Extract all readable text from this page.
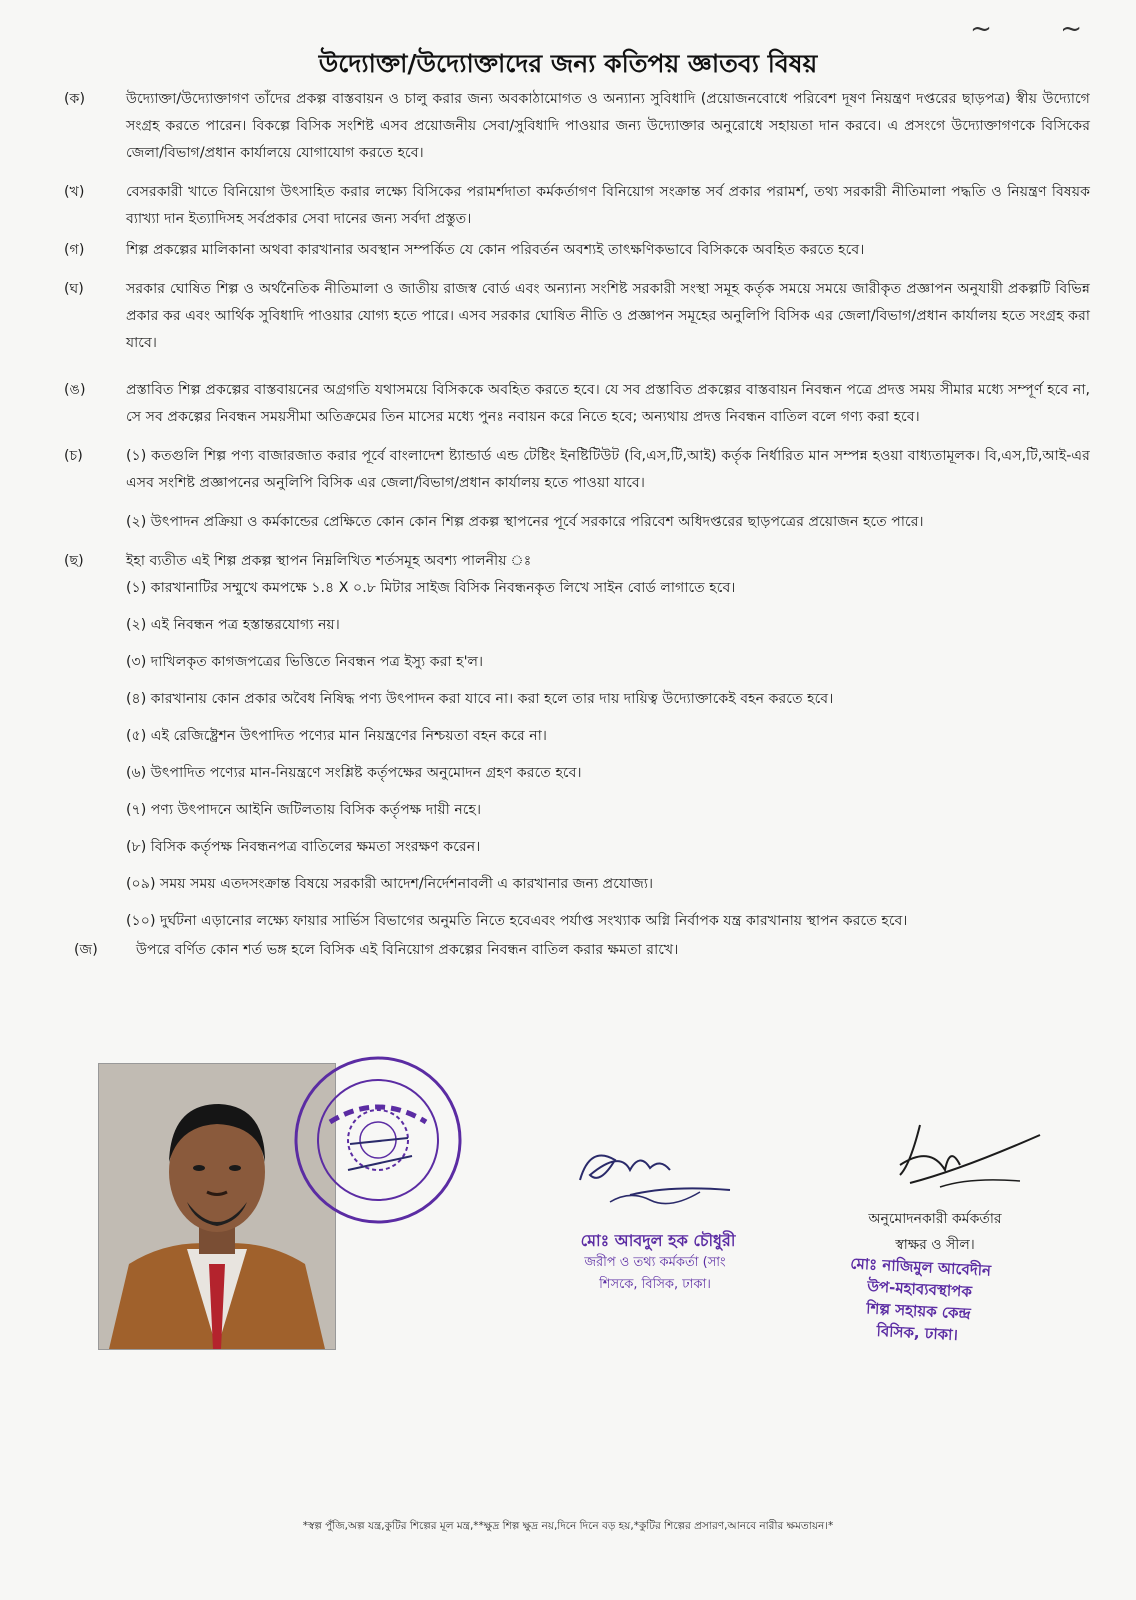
~ ~
উদ্যোক্তা/উদ্যোক্তাদের জন্য কতিপয় জ্ঞাতব্য বিষয়
(ক)	উদ্যোক্তা/উদ্যোক্তাগণ তাঁদের প্রকল্প বাস্তবায়ন ও চালু করার জন্য অবকাঠামোগত ও অন্যান্য সুবিধাদি (প্রয়োজনবোধে পরিবেশ দূষণ নিয়ন্ত্রণ দপ্তরের ছাড়পত্র) স্বীয় উদ্যোগে সংগ্রহ করতে পারেন। বিকল্পে বিসিক সংশিষ্ট এসব প্রয়োজনীয় সেবা/সুবিধাদি পাওয়ার জন্য উদ্যোক্তার অনুরোধে সহায়তা দান করবে। এ প্রসংগে উদ্যোক্তাগণকে বিসিকের জেলা/বিভাগ/প্রধান কার্যালয়ে যোগাযোগ করতে হবে।
(খ)	বেসরকারী খাতে বিনিয়োগ উৎসাহিত করার লক্ষ্যে বিসিকের পরামর্শদাতা কর্মকর্তাগণ বিনিয়োগ সংক্রান্ত সর্ব প্রকার পরামর্শ, তথ্য সরকারী নীতিমালা পদ্ধতি ও নিয়ন্ত্রণ বিষয়ক ব্যাখ্যা দান ইত্যাদিসহ সর্বপ্রকার সেবা দানের জন্য সর্বদা প্রস্তুত।
(গ)	শিল্প প্রকল্পের মালিকানা অথবা কারখানার অবস্থান সম্পর্কিত যে কোন পরিবর্তন অবশ্যই তাৎক্ষণিকভাবে বিসিককে অবহিত করতে হবে।
(ঘ)	সরকার ঘোষিত শিল্প ও অর্থনৈতিক নীতিমালা ও জাতীয় রাজস্ব বোর্ড এবং অন্যান্য সংশিষ্ট সরকারী সংস্থা সমূহ কর্তৃক সময়ে সময়ে জারীকৃত প্রজ্ঞাপন অনুযায়ী প্রকল্পটি বিভিন্ন প্রকার কর এবং আর্থিক সুবিধাদি পাওয়ার যোগ্য হতে পারে। এসব সরকার ঘোষিত নীতি ও প্রজ্ঞাপন সমূহের অনুলিপি বিসিক এর জেলা/বিভাগ/প্রধান কার্যালয় হতে সংগ্রহ করা যাবে।
(ঙ)	প্রস্তাবিত শিল্প প্রকল্পের বাস্তবায়নের অগ্রগতি যথাসময়ে বিসিককে অবহিত করতে হবে। যে সব প্রস্তাবিত প্রকল্পের বাস্তবায়ন নিবন্ধন পত্রে প্রদত্ত সময় সীমার মধ্যে সম্পূর্ণ হবে না, সে সব প্রকল্পের নিবন্ধন সময়সীমা অতিক্রমের তিন মাসের মধ্যে পুনঃ নবায়ন করে নিতে হবে; অন্যথায় প্রদত্ত নিবন্ধন বাতিল বলে গণ্য করা হবে।
(চ)	(১) কতগুলি শিল্প পণ্য বাজারজাত করার পূর্বে বাংলাদেশ ষ্ট্যান্ডার্ড এন্ড টেষ্টিং ইনষ্টিটিউট (বি,এস,টি,আই) কর্তৃক নির্ধারিত মান সম্পন্ন হওয়া বাধ্যতামূলক। বি,এস,টি,আই-এর এসব সংশিষ্ট প্রজ্ঞাপনের অনুলিপি বিসিক এর জেলা/বিভাগ/প্রধান কার্যালয় হতে পাওয়া যাবে।
(২) উৎপাদন প্রক্রিয়া ও কর্মকান্ডের প্রেক্ষিতে কোন কোন শিল্প প্রকল্প স্থাপনের পূর্বে সরকারে পরিবেশ অধিদপ্তরের ছাড়পত্রের প্রয়োজন হতে পারে।
(ছ)	ইহা ব্যতীত এই শিল্প প্রকল্প স্থাপন নিম্নলিখিত শর্তসমূহ অবশ্য পালনীয় ঃ
(১) কারখানাটির সম্মুখে কমপক্ষে ১.৪ X ০.৮ মিটার সাইজ বিসিক নিবন্ধনকৃত লিখে সাইন বোর্ড লাগাতে হবে।
(২) এই নিবন্ধন পত্র হস্তান্তরযোগ্য নয়।
(৩) দাখিলকৃত কাগজপত্রের ভিত্তিতে নিবন্ধন পত্র ইস্যু করা হ'ল।
(৪) কারখানায় কোন প্রকার অবৈধ নিষিদ্ধ পণ্য উৎপাদন করা যাবে না। করা হলে তার দায় দায়িত্ব উদ্যোক্তাকেই বহন করতে হবে।
(৫) এই রেজিষ্ট্রেশন উৎপাদিত পণ্যের মান নিয়ন্ত্রণের নিশ্চয়তা বহন করে না।
(৬) উৎপাদিত পণ্যের মান-নিয়ন্ত্রণে সংশ্লিষ্ট কর্তৃপক্ষের অনুমোদন গ্রহণ করতে হবে।
(৭) পণ্য উৎপাদনে আইনি জটিলতায় বিসিক কর্তৃপক্ষ দায়ী নহে।
(৮) বিসিক কর্তৃপক্ষ নিবন্ধনপত্র বাতিলের ক্ষমতা সংরক্ষণ করেন।
(০৯) সময় সময় এতদসংক্রান্ত বিষয়ে সরকারী আদেশ/নির্দেশনাবলী এ কারখানার জন্য প্রযোজ্য।
(১০) দুর্ঘটনা এড়ানোর লক্ষ্যে ফায়ার সার্ভিস বিভাগের অনুমতি নিতে হবেএবং পর্যাপ্ত সংখ্যাক অগ্নি নির্বাপক যন্ত্র কারখানায় স্থাপন করতে হবে।
(জ)	উপরে বর্ণিত কোন শর্ত ভঙ্গ হলে বিসিক এই বিনিয়োগ প্রকল্পের নিবন্ধন বাতিল করার ক্ষমতা রাখে।
মোঃ আবদুল হক চৌধুরী
জরীপ ও তথ্য কর্মকর্তা (সাং
শিসকে, বিসিক, ঢাকা।
অনুমোদনকারী কর্মকর্তার
স্বাক্ষর ও সীল।
মোঃ নাজিমুল আবেদীন
উপ-মহাব্যবস্থাপক
শিল্প সহায়ক কেন্দ্র
বিসিক, ঢাকা।
*স্বল্প পুঁজি,অল্প যন্ত্র,কুটির শিল্পের মূল মন্ত্র,**ক্ষুদ্র শিল্প ক্ষুদ্র নয়,দিনে দিনে বড় হয়,*কুটির শিল্পের প্রসারণ,আনবে নারীর ক্ষমতায়ন।*
